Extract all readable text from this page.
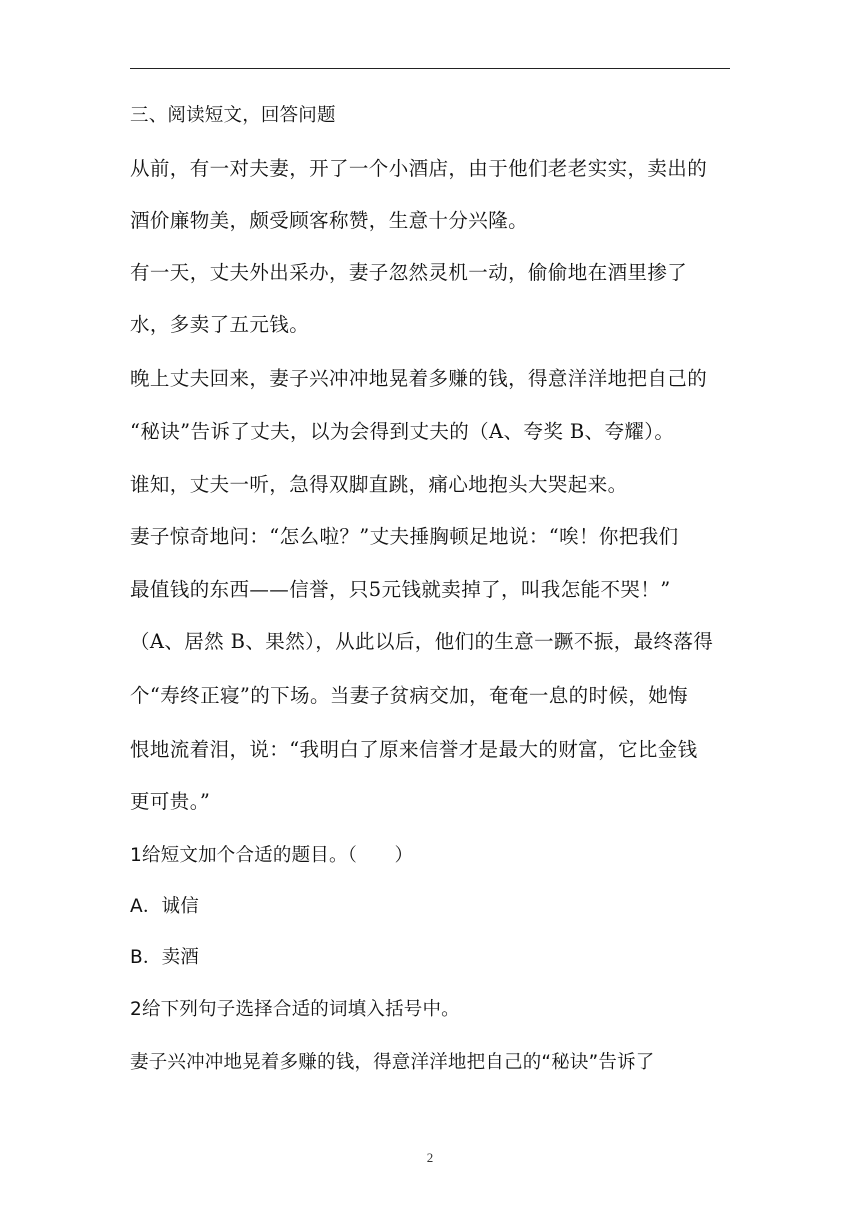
三、阅读短文，回答问题
从前，有一对夫妻，开了一个小酒店，由于他们老老实实，卖出的
酒价廉物美，颇受顾客称赞，生意十分兴隆。
有一天，丈夫外出采办，妻子忽然灵机一动，偷偷地在酒里掺了
水，多卖了五元钱。
晚上丈夫回来，妻子兴冲冲地晃着多赚的钱，得意洋洋地把自己的
“秘诀”告诉了丈夫，以为会得到丈夫的（A、夸奖 B、夸耀）。
谁知，丈夫一听，急得双脚直跳，痛心地抱头大哭起来。
妻子惊奇地问：“怎么啦？”丈夫捶胸顿足地说：“唉！你把我们
最值钱的东西——信誉，只5元钱就卖掉了，叫我怎能不哭！”
（A、居然 B、果然），从此以后，他们的生意一蹶不振，最终落得
个“寿终正寝”的下场。当妻子贫病交加，奄奄一息的时候，她悔
恨地流着泪，说：“我明白了原来信誉才是最大的财富，它比金钱
更可贵。”
1给短文加个合适的题目。（　　）
A．诚信
B．卖酒
2给下列句子选择合适的词填入括号中。
妻子兴冲冲地晃着多赚的钱，得意洋洋地把自己的“秘诀”告诉了
2
